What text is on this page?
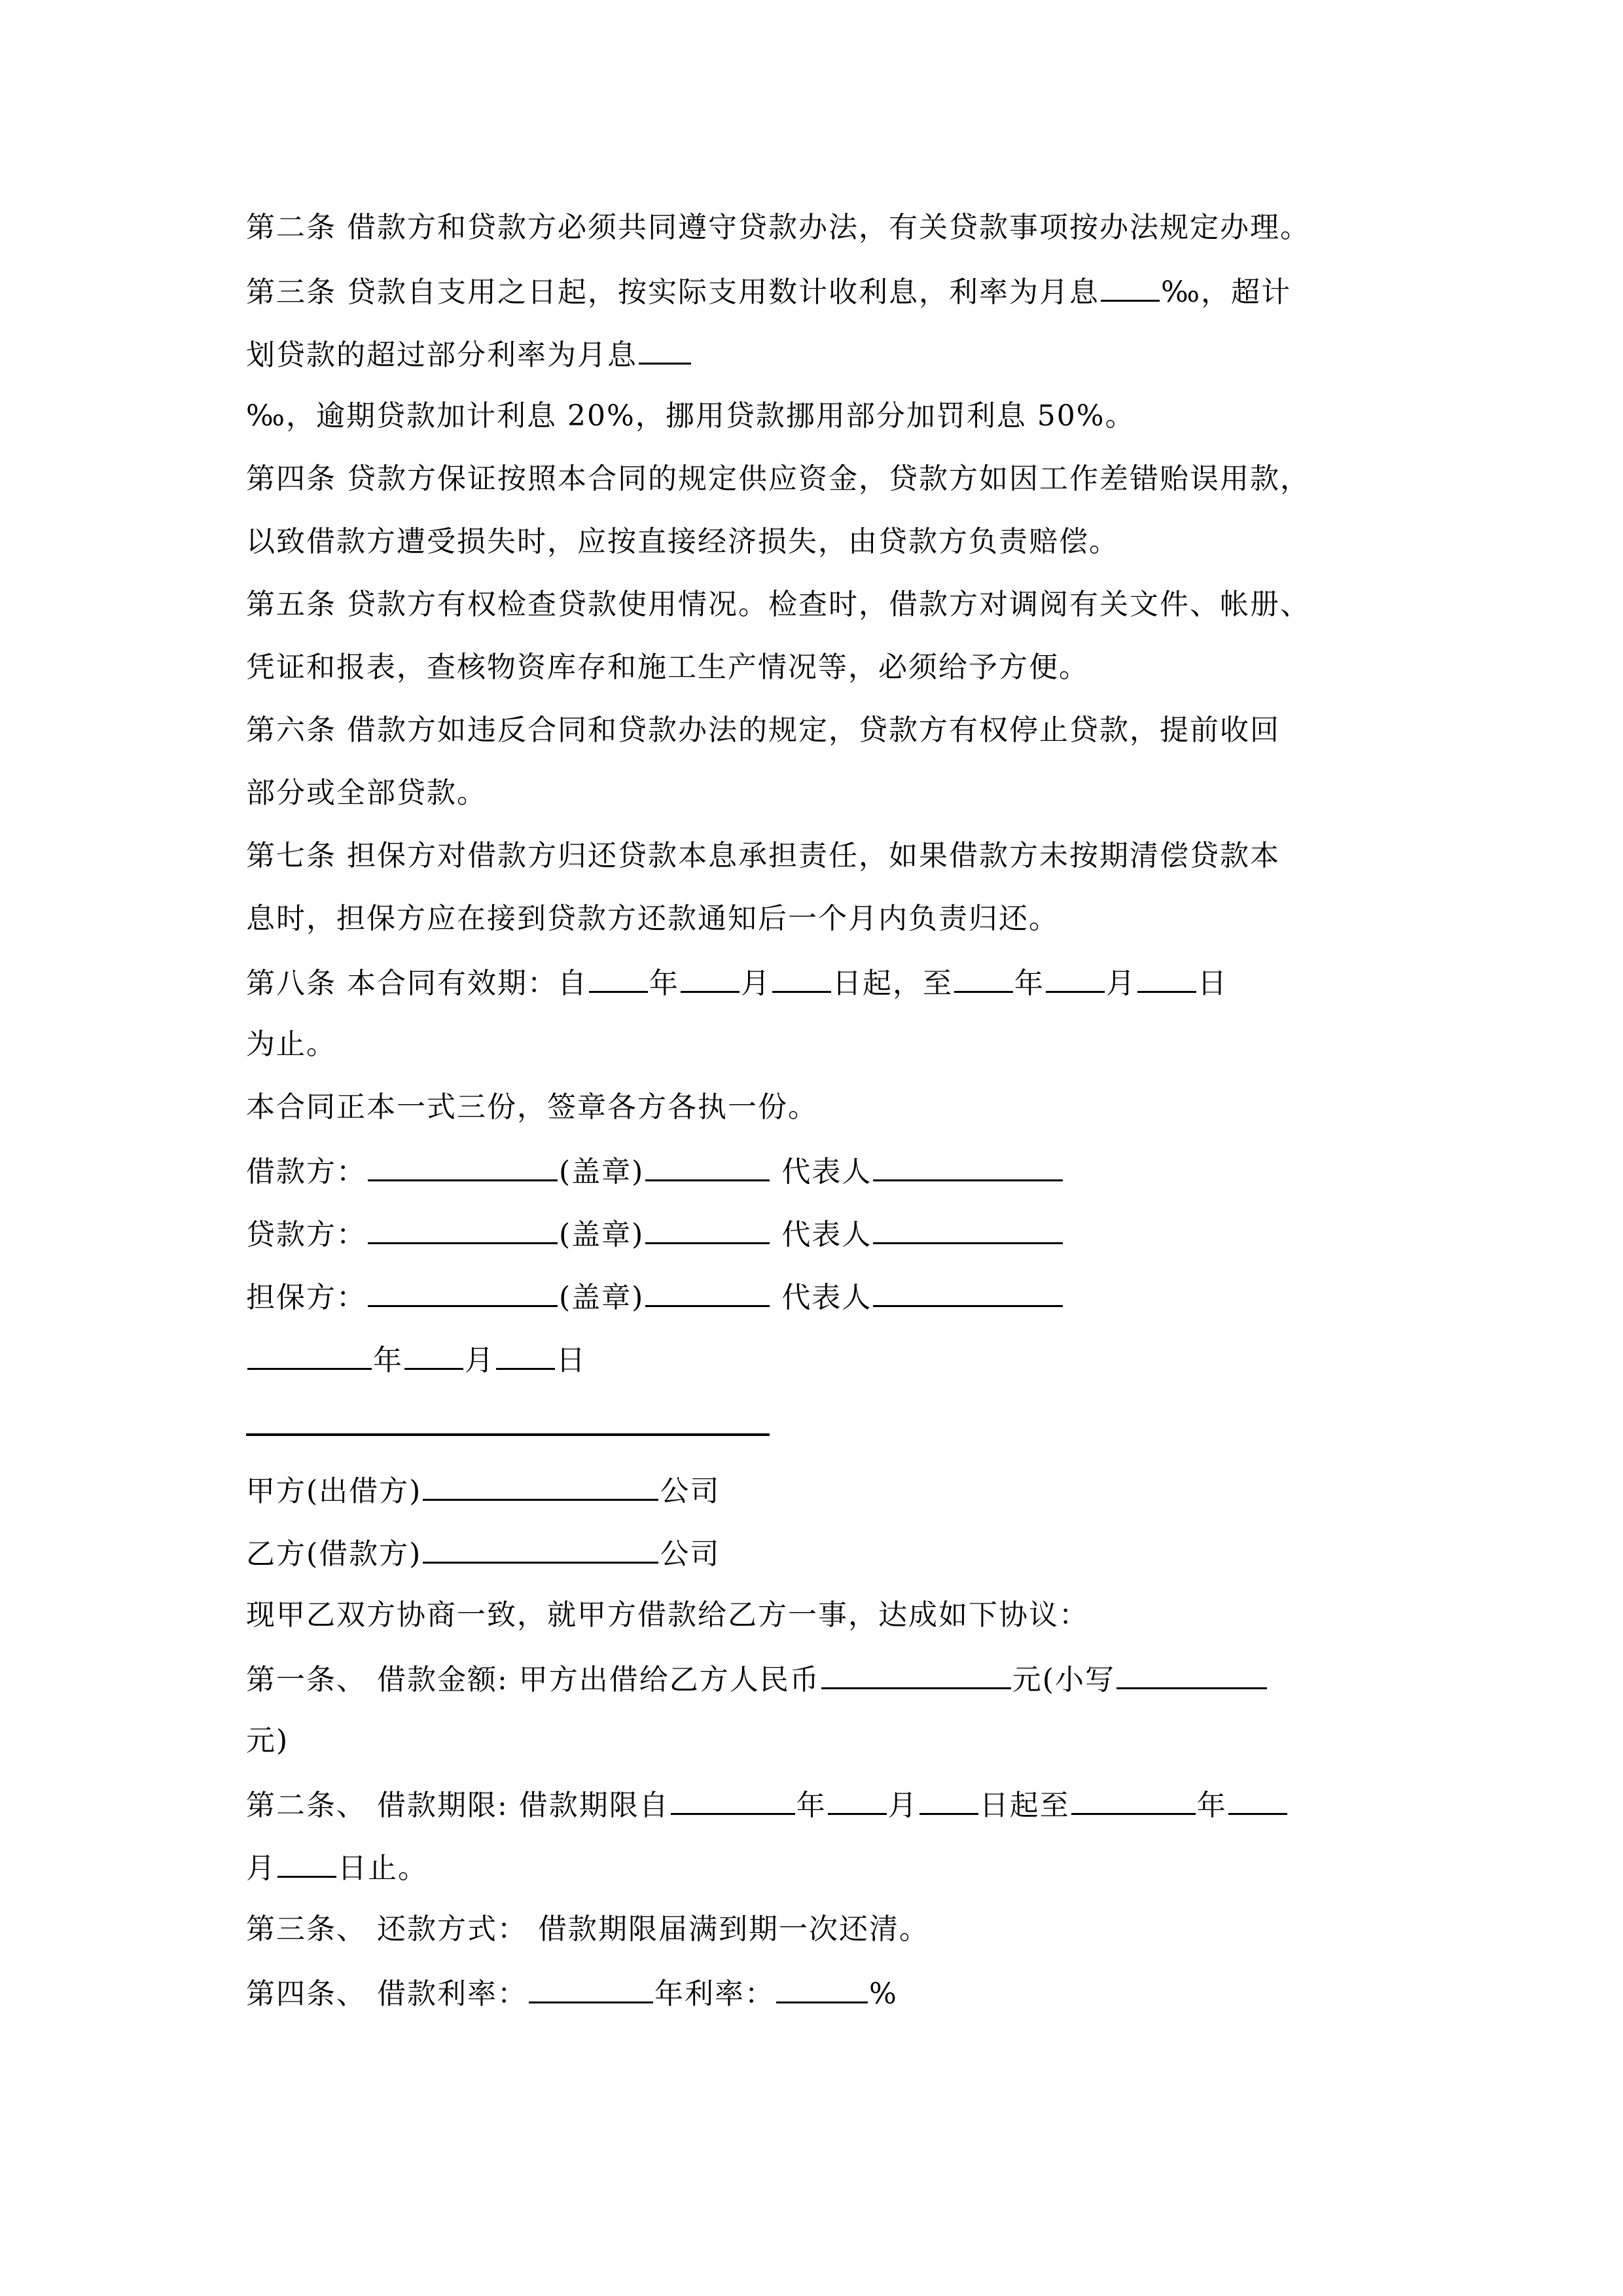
第二条 借款方和贷款方必须共同遵守贷款办法，有关贷款事项按办法规定办理。
第三条 贷款自支用之日起，按实际支用数计收利息，利率为月息 ‰，超计
划贷款的超过部分利率为月息
‰，逾期贷款加计利息 20%，挪用贷款挪用部分加罚利息 50%。
第四条 贷款方保证按照本合同的规定供应资金，贷款方如因工作差错贻误用款，
以致借款方遭受损失时，应按直接经济损失，由贷款方负责赔偿。
第五条 贷款方有权检查贷款使用情况。检查时，借款方对调阅有关文件、帐册、
凭证和报表，查核物资库存和施工生产情况等，必须给予方便。
第六条 借款方如违反合同和贷款办法的规定，贷款方有权停止贷款，提前收回
部分或全部贷款。
第七条 担保方对借款方归还贷款本息承担责任，如果借款方未按期清偿贷款本
息时，担保方应在接到贷款方还款通知后一个月内负责归还。
第八条 本合同有效期：自 年 月 日起，至 年 月 日
为止。
本合同正本一式三份，签章各方各执一份。
借款方：	(盖章)	代表人
贷款方：	(盖章)	代表人
担保方：	(盖章)	代表人
年 月 日
甲方(出借方)	公司
乙方(借款方)	公司
现甲乙双方协商一致，就甲方借款给乙方一事，达成如下协议：
第一条、 借款金额: 甲方出借给乙方人民币	元(小写
元)
第二条、 借款期限: 借款期限自	年 月 日起至	年
月 日止。
第三条、 还款方式： 借款期限届满到期一次还清。
第四条、 借款利率：	年利率：	%
